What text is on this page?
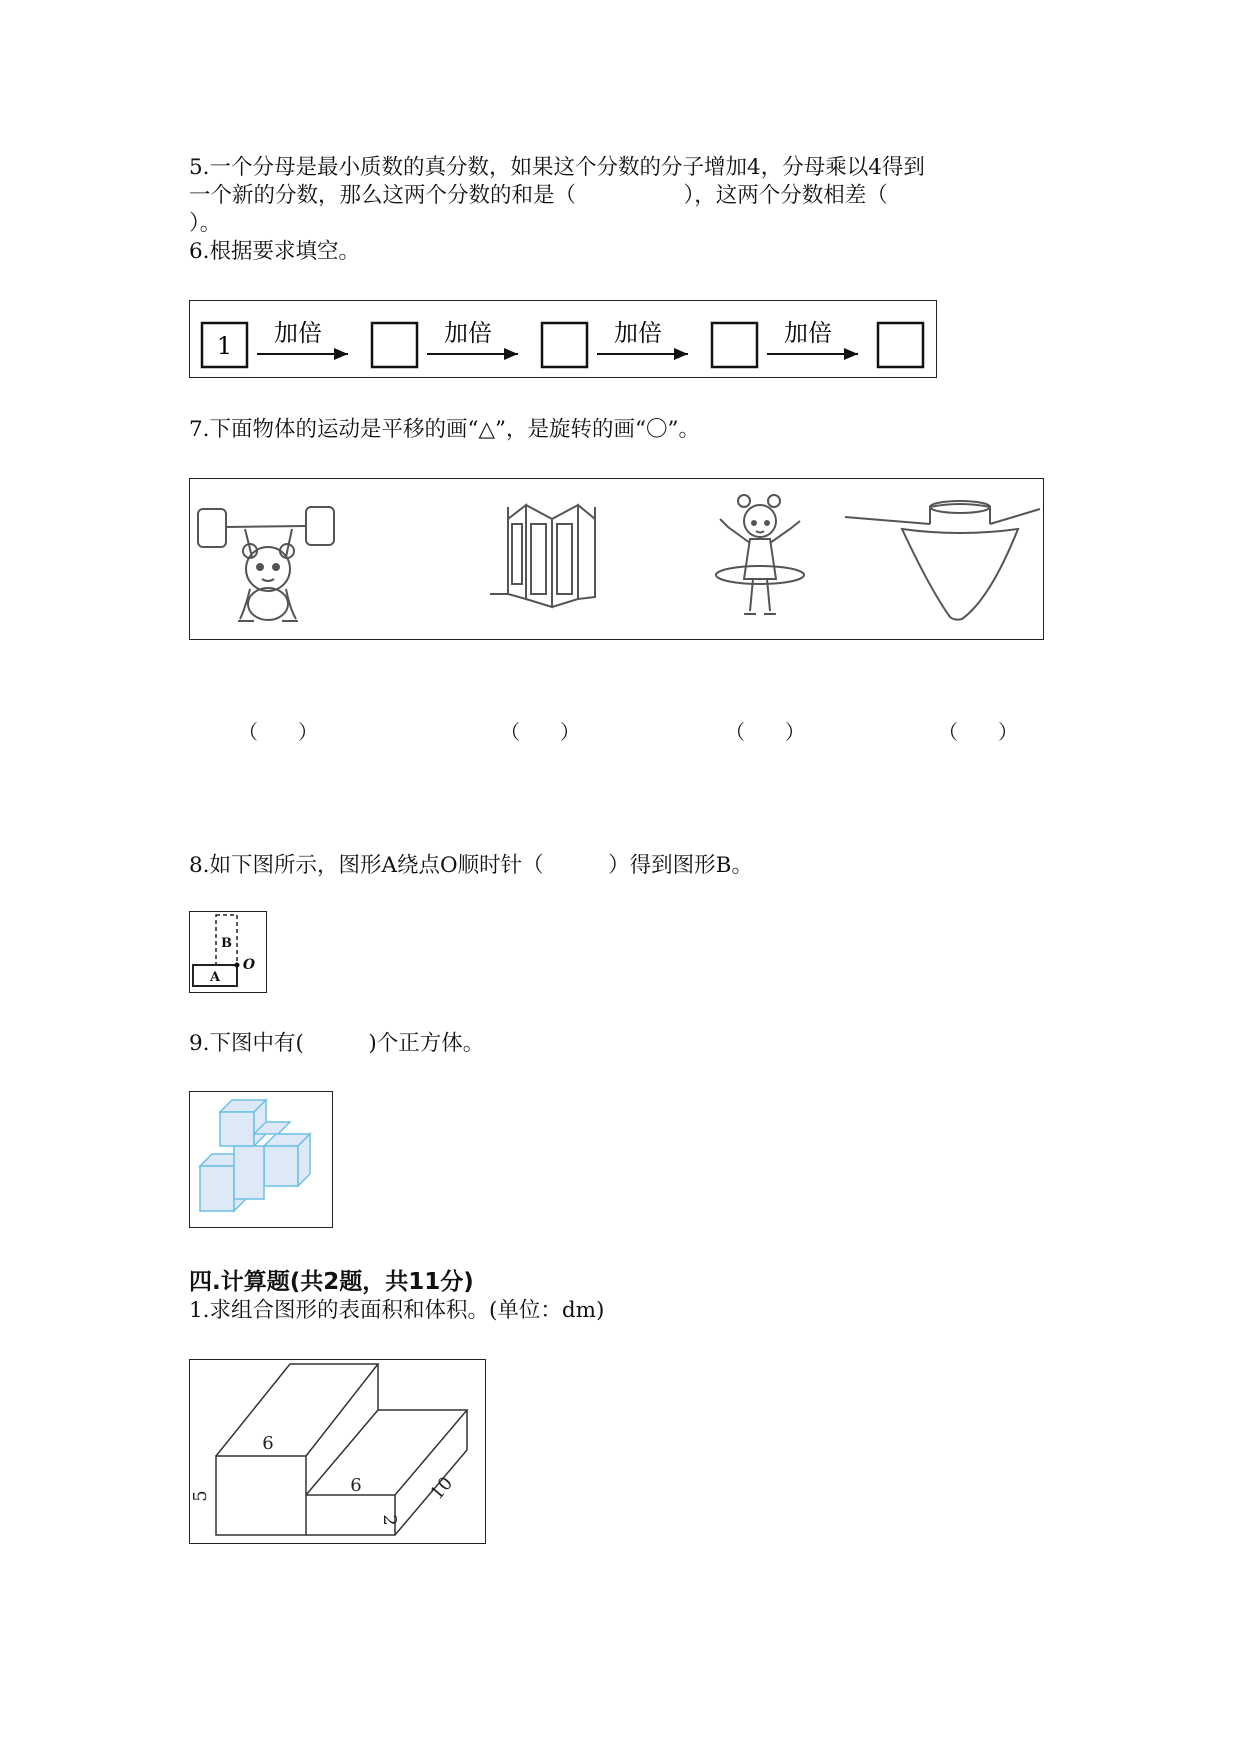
5.一个分母是最小质数的真分数，如果这个分数的分子增加4，分母乘以4得到
一个新的分数，那么这两个分数的和是（　　　　　），这两个分数相差（
）。
6.根据要求填空。
1 加倍	加倍	加倍	加倍
7.下面物体的运动是平移的画“△”，是旋转的画“〇”。
（　　）	（　　）	（　　）	（　　）
8.如下图所示，图形A绕点O顺时针（　　　）得到图形B。
B
A
O
9.下图中有(　　　)个正方体。
四.计算题(共2题，共11分)
1.求组合图形的表面积和体积。(单位：dm)
6
5	6
2
10
